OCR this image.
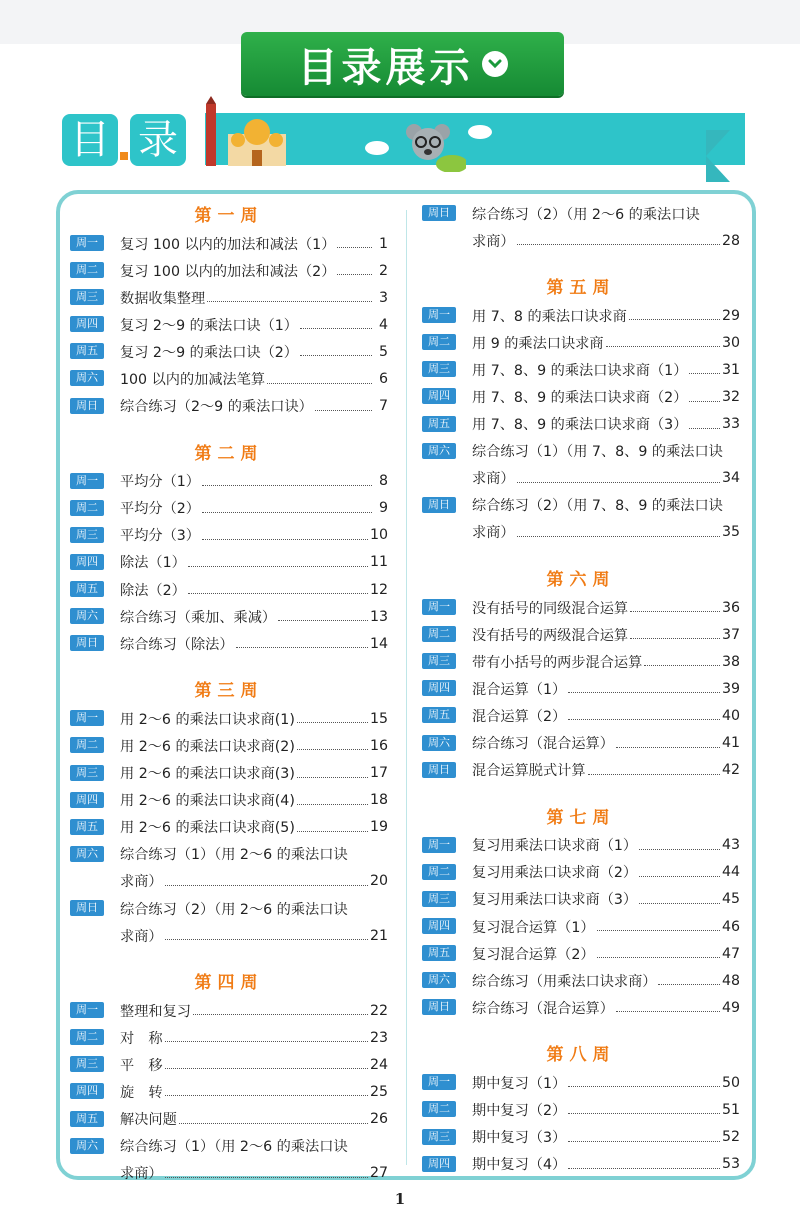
目录展示
目 录
第一周
周一	复习 100 以内的加法和减法（1）	1
周二	复习 100 以内的加法和减法（2）	2
周三	数据收集整理	3
周四	复习 2～9 的乘法口诀（1）	4
周五	复习 2～9 的乘法口诀（2）	5
周六	100 以内的加减法笔算	6
周日	综合练习（2～9 的乘法口诀）	7
第二周
周一	平均分（1）	8
周二	平均分（2）	9
周三	平均分（3）	10
周四	除法（1）	11
周五	除法（2）	12
周六	综合练习（乘加、乘减）	13
周日	综合练习（除法）	14
第三周
周一	用 2～6 的乘法口诀求商(1)	15
周二	用 2～6 的乘法口诀求商(2)	16
周三	用 2～6 的乘法口诀求商(3)	17
周四	用 2～6 的乘法口诀求商(4)	18
周五	用 2～6 的乘法口诀求商(5)	19
周六	综合练习（1）（用 2～6 的乘法口诀
求商）	20
周日	综合练习（2）（用 2～6 的乘法口诀
求商）	21
第四周
周一	整理和复习	22
周二	对　称	23
周三	平　移	24
周四	旋　转	25
周五	解决问题	26
周六	综合练习（1）（用 2～6 的乘法口诀
求商）	27
周日	综合练习（2）（用 2～6 的乘法口诀
求商）	28
第五周
周一	用 7、8 的乘法口诀求商	29
周二	用 9 的乘法口诀求商	30
周三	用 7、8、9 的乘法口诀求商（1） 31
周四	用 7、8、9 的乘法口诀求商（2） 32
周五	用 7、8、9 的乘法口诀求商（3） 33
周六	综合练习（1）（用 7、8、9 的乘法口诀
求商）	34
周日	综合练习（2）（用 7、8、9 的乘法口诀
求商）	35
第六周
周一	没有括号的同级混合运算	36
周二	没有括号的两级混合运算	37
周三	带有小括号的两步混合运算	38
周四	混合运算（1）	39
周五	混合运算（2）	40
周六	综合练习（混合运算）	41
周日	混合运算脱式计算	42
第七周
周一	复习用乘法口诀求商（1）	43
周二	复习用乘法口诀求商（2）	44
周三	复习用乘法口诀求商（3）	45
周四	复习混合运算（1）	46
周五	复习混合运算（2）	47
周六	综合练习（用乘法口诀求商）	48
周日	综合练习（混合运算）	49
第八周
周一	期中复习（1）	50
周二	期中复习（2）	51
周三	期中复习（3）	52
周四	期中复习（4）	53
1
